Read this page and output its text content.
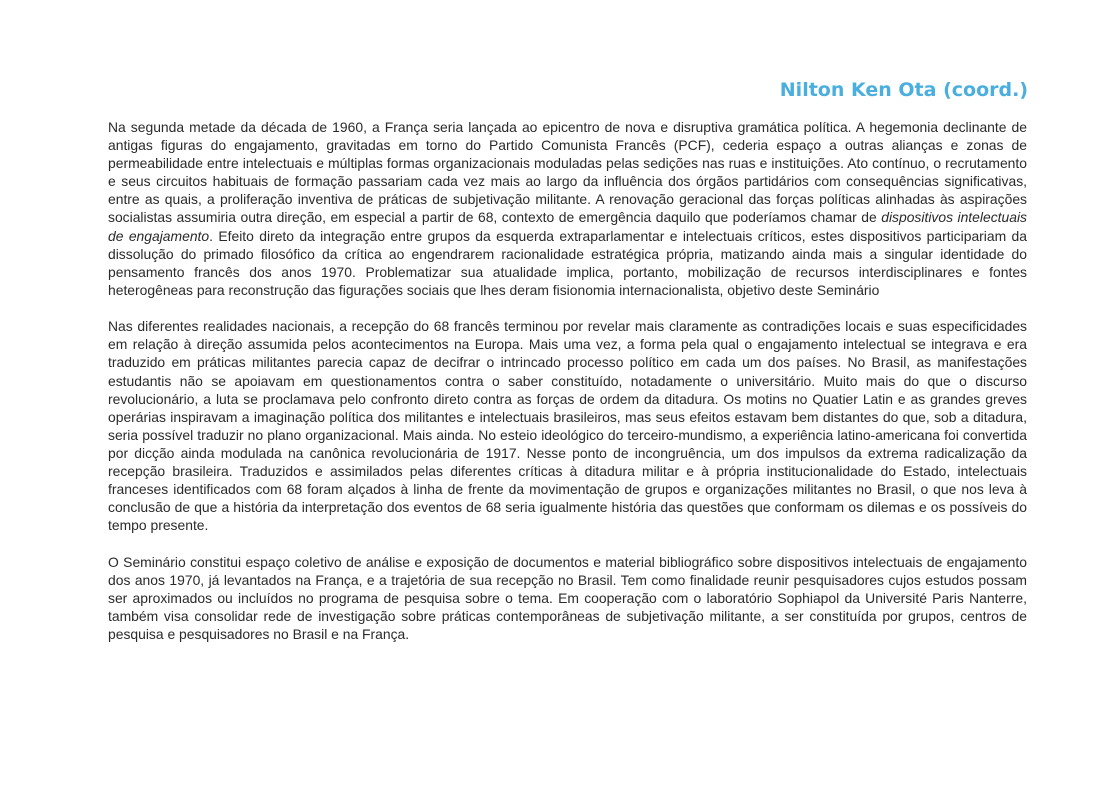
Nilton Ken Ota (coord.)

Na segunda metade da década de 1960, a França seria lançada ao epicentro de nova e disruptiva gramática política. A hegemonia declinante de antigas figuras do engajamento, gravitadas em torno do Partido Comunista Francês (PCF), cederia espaço a outras alianças e zonas de permeabilidade entre intelectuais e múltiplas formas organizacionais moduladas pelas sedições nas ruas e instituições. Ato contínuo, o recrutamento e seus circuitos habituais de formação passariam cada vez mais ao largo da influência dos órgãos partidários com consequências significativas, entre as quais, a proliferação inventiva de práticas de subjetivação militante. A renovação geracional das forças políticas alinhadas às aspirações socialistas assumiria outra direção, em especial a partir de 68, contexto de emergência daquilo que poderíamos chamar de dispositivos intelectuais de engajamento. Efeito direto da integração entre grupos da esquerda extraparlamentar e intelectuais críticos, estes dispositivos participariam da dissolução do primado filosófico da crítica ao engendrarem racionalidade estratégica própria, matizando ainda mais a singular identidade do pensamento francês dos anos 1970. Problematizar sua atualidade implica, portanto, mobilização de recursos interdisciplinares e fontes heterogêneas para reconstrução das figurações sociais que lhes deram fisionomia internacionalista, objetivo deste Seminário

Nas diferentes realidades nacionais, a recepção do 68 francês terminou por revelar mais claramente as contradições locais e suas especificidades em relação à direção assumida pelos acontecimentos na Europa. Mais uma vez, a forma pela qual o engajamento intelectual se integrava e era traduzido em práticas militantes parecia capaz de decifrar o intrincado processo político em cada um dos países. No Brasil, as manifestações estudantis não se apoiavam em questionamentos contra o saber constituído, notadamente o universitário. Muito mais do que o discurso revolucionário, a luta se proclamava pelo confronto direto contra as forças de ordem da ditadura. Os motins no Quatier Latin e as grandes greves operárias inspiravam a imaginação política dos militantes e intelectuais brasileiros, mas seus efeitos estavam bem distantes do que, sob a ditadura, seria possível traduzir no plano organizacional. Mais ainda. No esteio ideológico do terceiro-mundismo, a experiência latino-americana foi convertida por dicção ainda modulada na canônica revolucionária de 1917. Nesse ponto de incongruência, um dos impulsos da extrema radicalização da recepção brasileira. Traduzidos e assimilados pelas diferentes críticas à ditadura militar e à própria institucionalidade do Estado, intelectuais franceses identificados com 68 foram alçados à linha de frente da movimentação de grupos e organizações militantes no Brasil, o que nos leva à conclusão de que a história da interpretação dos eventos de 68 seria igualmente história das questões que conformam os dilemas e os possíveis do tempo presente.

O Seminário constitui espaço coletivo de análise e exposição de documentos e material bibliográfico sobre dispositivos intelectuais de engajamento dos anos 1970, já levantados na França, e a trajetória de sua recepção no Brasil. Tem como finalidade reunir pesquisadores cujos estudos possam ser aproximados ou incluídos no programa de pesquisa sobre o tema. Em cooperação com o laboratório Sophiapol da Université Paris Nanterre, também visa consolidar rede de investigação sobre práticas contemporâneas de subjetivação militante, a ser constituída por grupos, centros de pesquisa e pesquisadores no Brasil e na França.
